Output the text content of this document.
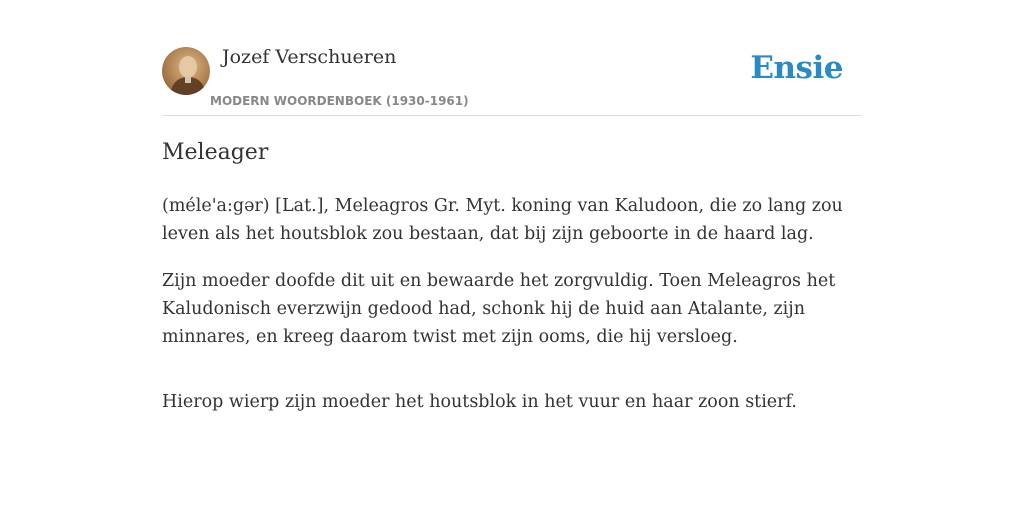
Jozef Verschueren
MODERN WOORDENBOEK (1930-1961)
Ensie
Meleager

(méle'a:gər) [Lat.], Meleagros Gr. Myt. koning van Kaludoon, die zo lang zou leven als het houtsblok zou bestaan, dat bij zijn geboorte in de haard lag.

Zijn moeder doofde dit uit en bewaarde het zorgvuldig. Toen Meleagros het Kaludonisch everzwijn gedood had, schonk hij de huid aan Atalante, zijn minnares, en kreeg daarom twist met zijn ooms, die hij versloeg.

Hierop wierp zijn moeder het houtsblok in het vuur en haar zoon stierf.
